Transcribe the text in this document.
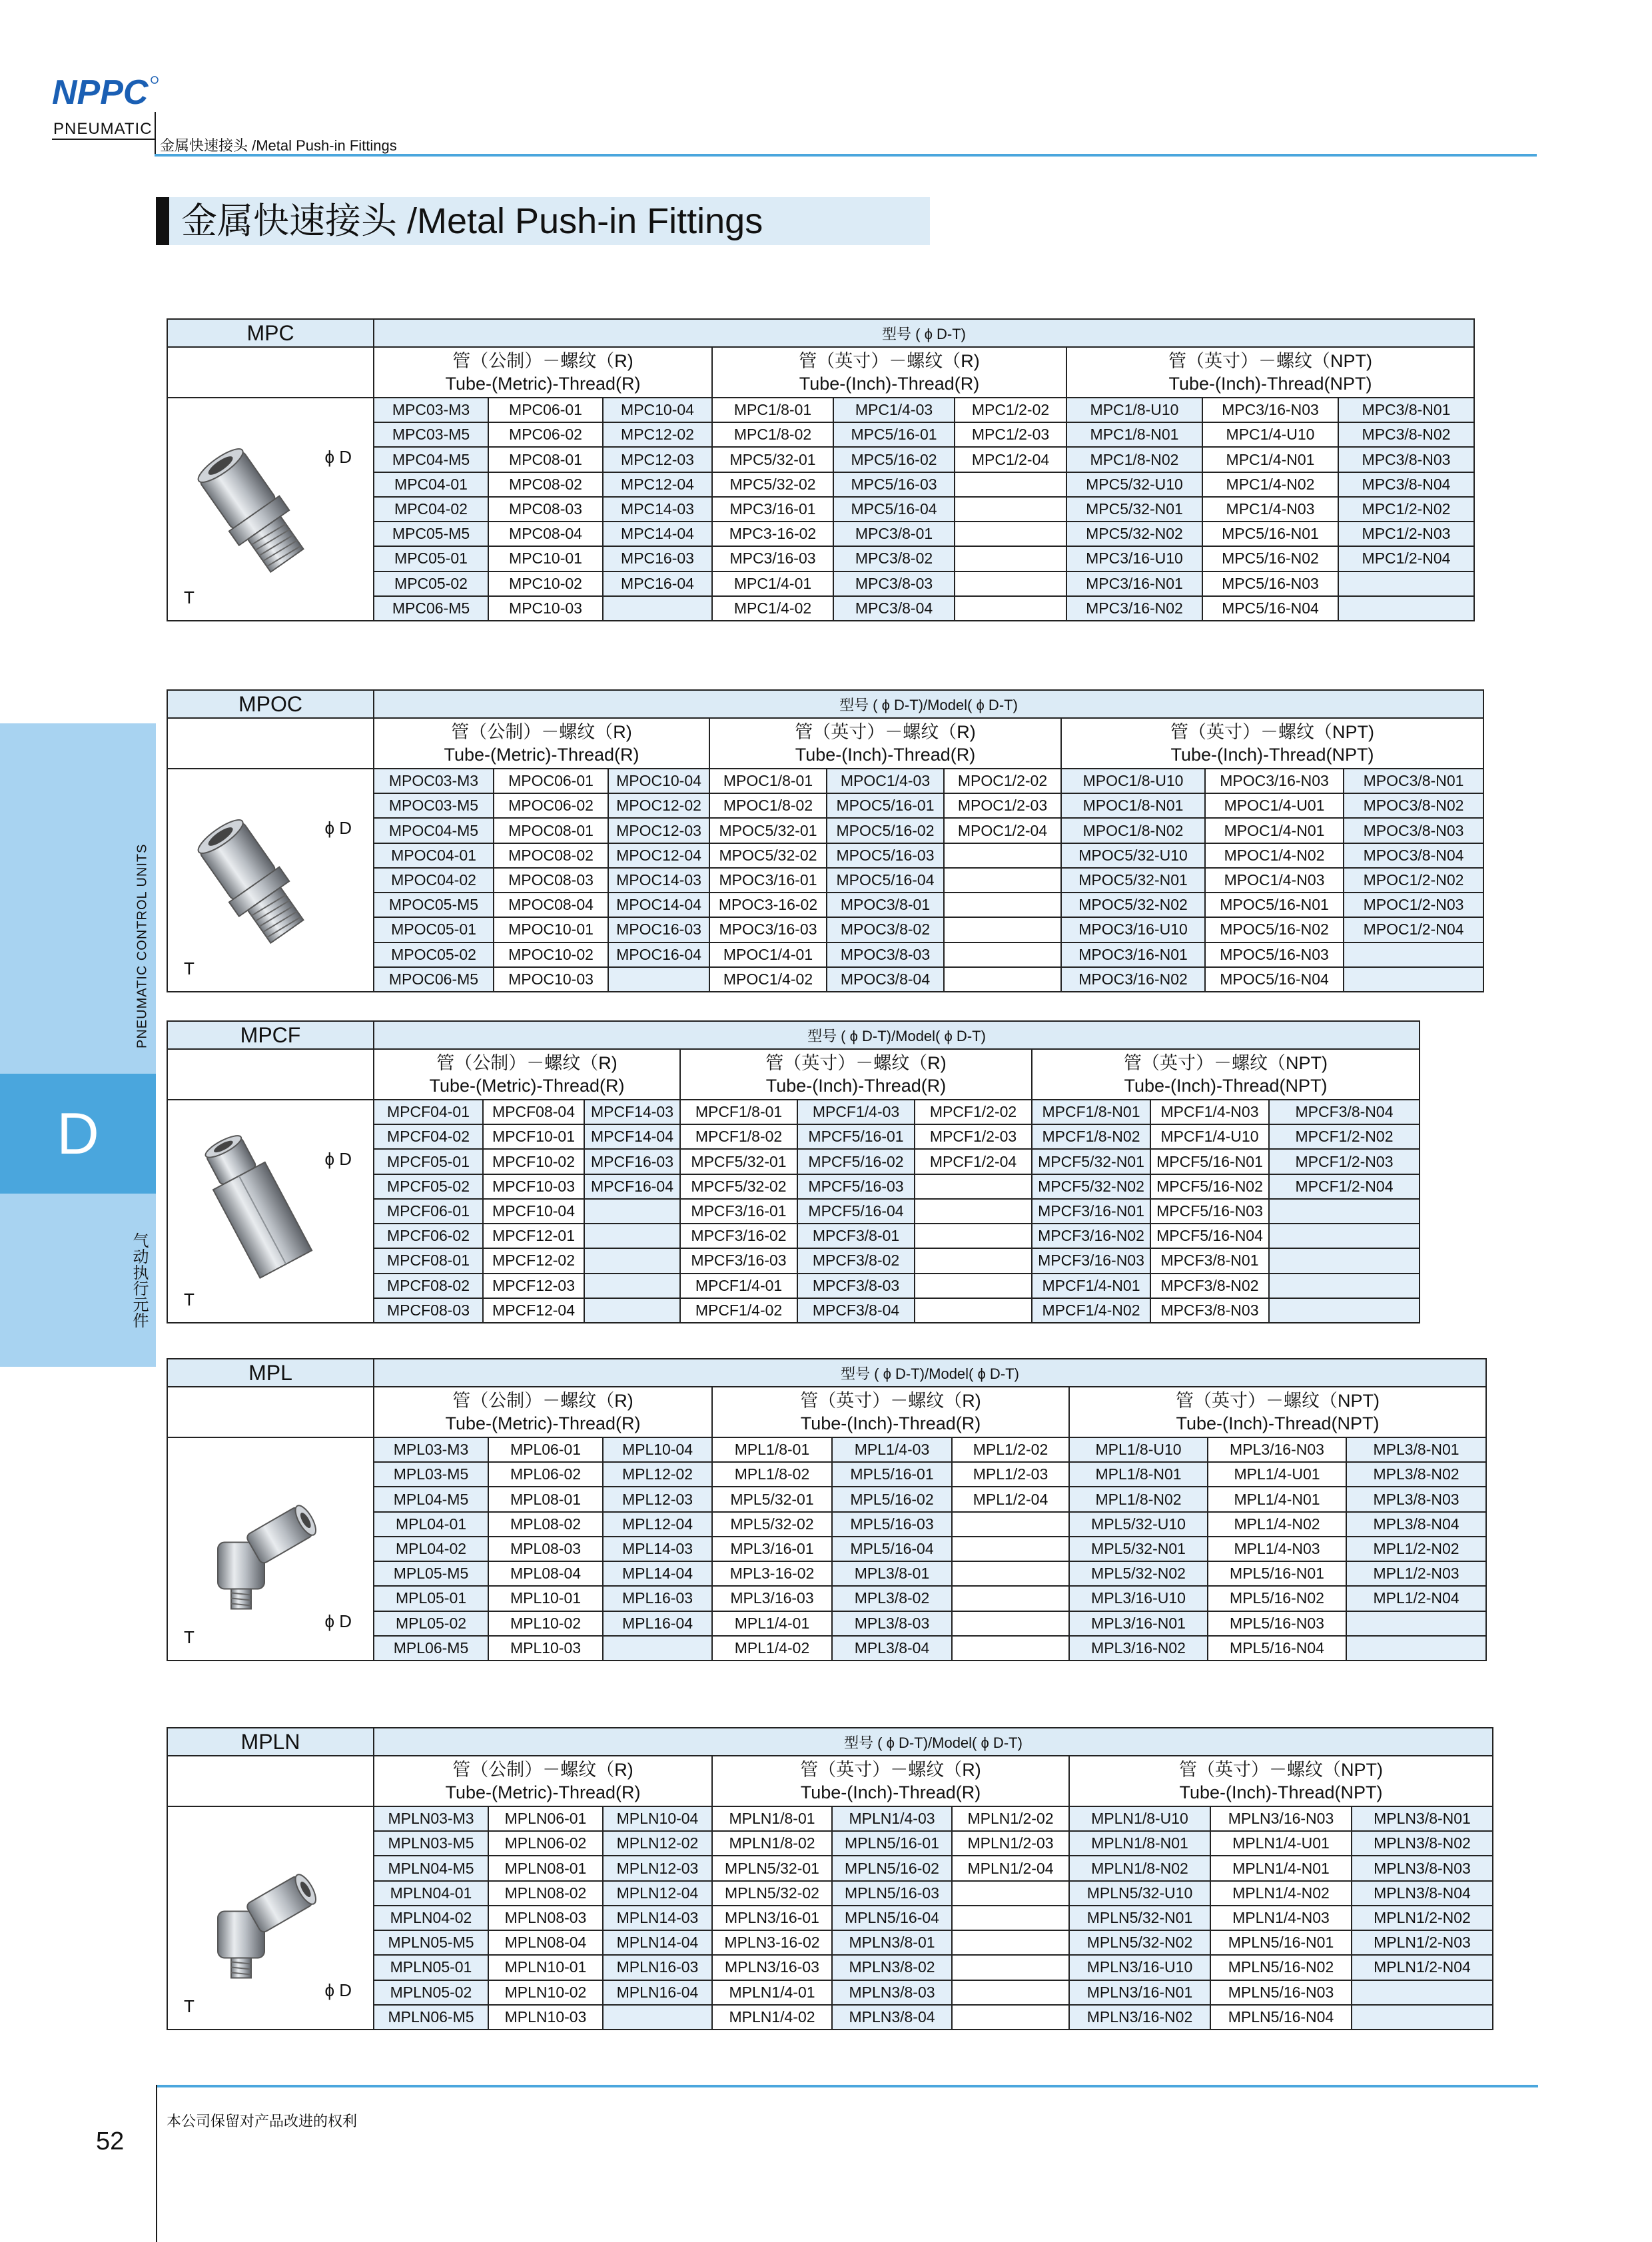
NPPC
PNEUMATIC
金属快速接头 /Metal Push-in Fittings
金属快速接头 /Metal Push-in Fittings
D
PNEUMATIC CONTROL UNITS
气动执行元件
MPC	型号 ( ϕ D-T)								

	管（公制）－螺纹（R)
Tube-(Metric)-Thread(R)			管（英寸）－螺纹（R)
Tube-(Inch)-Thread(R)			管（英寸）－螺纹（NPT)
Tube-(Inch)-Thread(NPT)		

ϕ D
T	MPC03-M3	MPC06-01	MPC10-04	MPC1/8-01	MPC1/4-03	MPC1/2-02	MPC1/8-U10	MPC3/16-N03	MPC3/8-N01
	MPC03-M5	MPC06-02	MPC12-02	MPC1/8-02	MPC5/16-01	MPC1/2-03	MPC1/8-N01	MPC1/4-U10	MPC3/8-N02
	MPC04-M5	MPC08-01	MPC12-03	MPC5/32-01	MPC5/16-02	MPC1/2-04	MPC1/8-N02	MPC1/4-N01	MPC3/8-N03
	MPC04-01	MPC08-02	MPC12-04	MPC5/32-02	MPC5/16-03		MPC5/32-U10	MPC1/4-N02	MPC3/8-N04
	MPC04-02	MPC08-03	MPC14-03	MPC3/16-01	MPC5/16-04		MPC5/32-N01	MPC1/4-N03	MPC1/2-N02
	MPC05-M5	MPC08-04	MPC14-04	MPC3-16-02	MPC3/8-01		MPC5/32-N02	MPC5/16-N01	MPC1/2-N03
	MPC05-01	MPC10-01	MPC16-03	MPC3/16-03	MPC3/8-02		MPC3/16-U10	MPC5/16-N02	MPC1/2-N04
	MPC05-02	MPC10-02	MPC16-04	MPC1/4-01	MPC3/8-03		MPC3/16-N01	MPC5/16-N03	
	MPC06-M5	MPC10-03		MPC1/4-02	MPC3/8-04		MPC3/16-N02	MPC5/16-N04	
MPOC	型号 ( ϕ D-T)/Model( ϕ D-T)								

	管（公制）－螺纹（R)
Tube-(Metric)-Thread(R)			管（英寸）－螺纹（R)
Tube-(Inch)-Thread(R)			管（英寸）－螺纹（NPT)
Tube-(Inch)-Thread(NPT)		

ϕ D
T	MPOC03-M3	MPOC06-01	MPOC10-04	MPOC1/8-01	MPOC1/4-03	MPOC1/2-02	MPOC1/8-U10	MPOC3/16-N03	MPOC3/8-N01
	MPOC03-M5	MPOC06-02	MPOC12-02	MPOC1/8-02	MPOC5/16-01	MPOC1/2-03	MPOC1/8-N01	MPOC1/4-U01	MPOC3/8-N02
	MPOC04-M5	MPOC08-01	MPOC12-03	MPOC5/32-01	MPOC5/16-02	MPOC1/2-04	MPOC1/8-N02	MPOC1/4-N01	MPOC3/8-N03
	MPOC04-01	MPOC08-02	MPOC12-04	MPOC5/32-02	MPOC5/16-03		MPOC5/32-U10	MPOC1/4-N02	MPOC3/8-N04
	MPOC04-02	MPOC08-03	MPOC14-03	MPOC3/16-01	MPOC5/16-04		MPOC5/32-N01	MPOC1/4-N03	MPOC1/2-N02
	MPOC05-M5	MPOC08-04	MPOC14-04	MPOC3-16-02	MPOC3/8-01		MPOC5/32-N02	MPOC5/16-N01	MPOC1/2-N03
	MPOC05-01	MPOC10-01	MPOC16-03	MPOC3/16-03	MPOC3/8-02		MPOC3/16-U10	MPOC5/16-N02	MPOC1/2-N04
	MPOC05-02	MPOC10-02	MPOC16-04	MPOC1/4-01	MPOC3/8-03		MPOC3/16-N01	MPOC5/16-N03	
	MPOC06-M5	MPOC10-03		MPOC1/4-02	MPOC3/8-04		MPOC3/16-N02	MPOC5/16-N04	
MPCF	型号 ( ϕ D-T)/Model( ϕ D-T)								

	管（公制）－螺纹（R)
Tube-(Metric)-Thread(R)			管（英寸）－螺纹（R)
Tube-(Inch)-Thread(R)			管（英寸）－螺纹（NPT)
Tube-(Inch)-Thread(NPT)		

ϕ D
T	MPCF04-01	MPCF08-04	MPCF14-03	MPCF1/8-01	MPCF1/4-03	MPCF1/2-02	MPCF1/8-N01	MPCF1/4-N03	MPCF3/8-N04
	MPCF04-02	MPCF10-01	MPCF14-04	MPCF1/8-02	MPCF5/16-01	MPCF1/2-03	MPCF1/8-N02	MPCF1/4-U10	MPCF1/2-N02
	MPCF05-01	MPCF10-02	MPCF16-03	MPCF5/32-01	MPCF5/16-02	MPCF1/2-04	MPCF5/32-N01	MPCF5/16-N01	MPCF1/2-N03
	MPCF05-02	MPCF10-03	MPCF16-04	MPCF5/32-02	MPCF5/16-03		MPCF5/32-N02	MPCF5/16-N02	MPCF1/2-N04
	MPCF06-01	MPCF10-04		MPCF3/16-01	MPCF5/16-04		MPCF3/16-N01	MPCF5/16-N03	
	MPCF06-02	MPCF12-01		MPCF3/16-02	MPCF3/8-01		MPCF3/16-N02	MPCF5/16-N04	
	MPCF08-01	MPCF12-02		MPCF3/16-03	MPCF3/8-02		MPCF3/16-N03	MPCF3/8-N01	
	MPCF08-02	MPCF12-03		MPCF1/4-01	MPCF3/8-03		MPCF1/4-N01	MPCF3/8-N02	
	MPCF08-03	MPCF12-04		MPCF1/4-02	MPCF3/8-04		MPCF1/4-N02	MPCF3/8-N03	
MPL	型号 ( ϕ D-T)/Model( ϕ D-T)								

	管（公制）－螺纹（R)
Tube-(Metric)-Thread(R)			管（英寸）－螺纹（R)
Tube-(Inch)-Thread(R)			管（英寸）－螺纹（NPT)
Tube-(Inch)-Thread(NPT)		

ϕ D
T	MPL03-M3	MPL06-01	MPL10-04	MPL1/8-01	MPL1/4-03	MPL1/2-02	MPL1/8-U10	MPL3/16-N03	MPL3/8-N01
	MPL03-M5	MPL06-02	MPL12-02	MPL1/8-02	MPL5/16-01	MPL1/2-03	MPL1/8-N01	MPL1/4-U01	MPL3/8-N02
	MPL04-M5	MPL08-01	MPL12-03	MPL5/32-01	MPL5/16-02	MPL1/2-04	MPL1/8-N02	MPL1/4-N01	MPL3/8-N03
	MPL04-01	MPL08-02	MPL12-04	MPL5/32-02	MPL5/16-03		MPL5/32-U10	MPL1/4-N02	MPL3/8-N04
	MPL04-02	MPL08-03	MPL14-03	MPL3/16-01	MPL5/16-04		MPL5/32-N01	MPL1/4-N03	MPL1/2-N02
	MPL05-M5	MPL08-04	MPL14-04	MPL3-16-02	MPL3/8-01		MPL5/32-N02	MPL5/16-N01	MPL1/2-N03
	MPL05-01	MPL10-01	MPL16-03	MPL3/16-03	MPL3/8-02		MPL3/16-U10	MPL5/16-N02	MPL1/2-N04
	MPL05-02	MPL10-02	MPL16-04	MPL1/4-01	MPL3/8-03		MPL3/16-N01	MPL5/16-N03	
	MPL06-M5	MPL10-03		MPL1/4-02	MPL3/8-04		MPL3/16-N02	MPL5/16-N04	
MPLN	型号 ( ϕ D-T)/Model( ϕ D-T)								

	管（公制）－螺纹（R)
Tube-(Metric)-Thread(R)			管（英寸）－螺纹（R)
Tube-(Inch)-Thread(R)			管（英寸）－螺纹（NPT)
Tube-(Inch)-Thread(NPT)		

ϕ D
T	MPLN03-M3	MPLN06-01	MPLN10-04	MPLN1/8-01	MPLN1/4-03	MPLN1/2-02	MPLN1/8-U10	MPLN3/16-N03	MPLN3/8-N01
	MPLN03-M5	MPLN06-02	MPLN12-02	MPLN1/8-02	MPLN5/16-01	MPLN1/2-03	MPLN1/8-N01	MPLN1/4-U01	MPLN3/8-N02
	MPLN04-M5	MPLN08-01	MPLN12-03	MPLN5/32-01	MPLN5/16-02	MPLN1/2-04	MPLN1/8-N02	MPLN1/4-N01	MPLN3/8-N03
	MPLN04-01	MPLN08-02	MPLN12-04	MPLN5/32-02	MPLN5/16-03		MPLN5/32-U10	MPLN1/4-N02	MPLN3/8-N04
	MPLN04-02	MPLN08-03	MPLN14-03	MPLN3/16-01	MPLN5/16-04		MPLN5/32-N01	MPLN1/4-N03	MPLN1/2-N02
	MPLN05-M5	MPLN08-04	MPLN14-04	MPLN3-16-02	MPLN3/8-01		MPLN5/32-N02	MPLN5/16-N01	MPLN1/2-N03
	MPLN05-01	MPLN10-01	MPLN16-03	MPLN3/16-03	MPLN3/8-02		MPLN3/16-U10	MPLN5/16-N02	MPLN1/2-N04
	MPLN05-02	MPLN10-02	MPLN16-04	MPLN1/4-01	MPLN3/8-03		MPLN3/16-N01	MPLN5/16-N03	
	MPLN06-M5	MPLN10-03		MPLN1/4-02	MPLN3/8-04		MPLN3/16-N02	MPLN5/16-N04	
本公司保留对产品改进的权利
52
